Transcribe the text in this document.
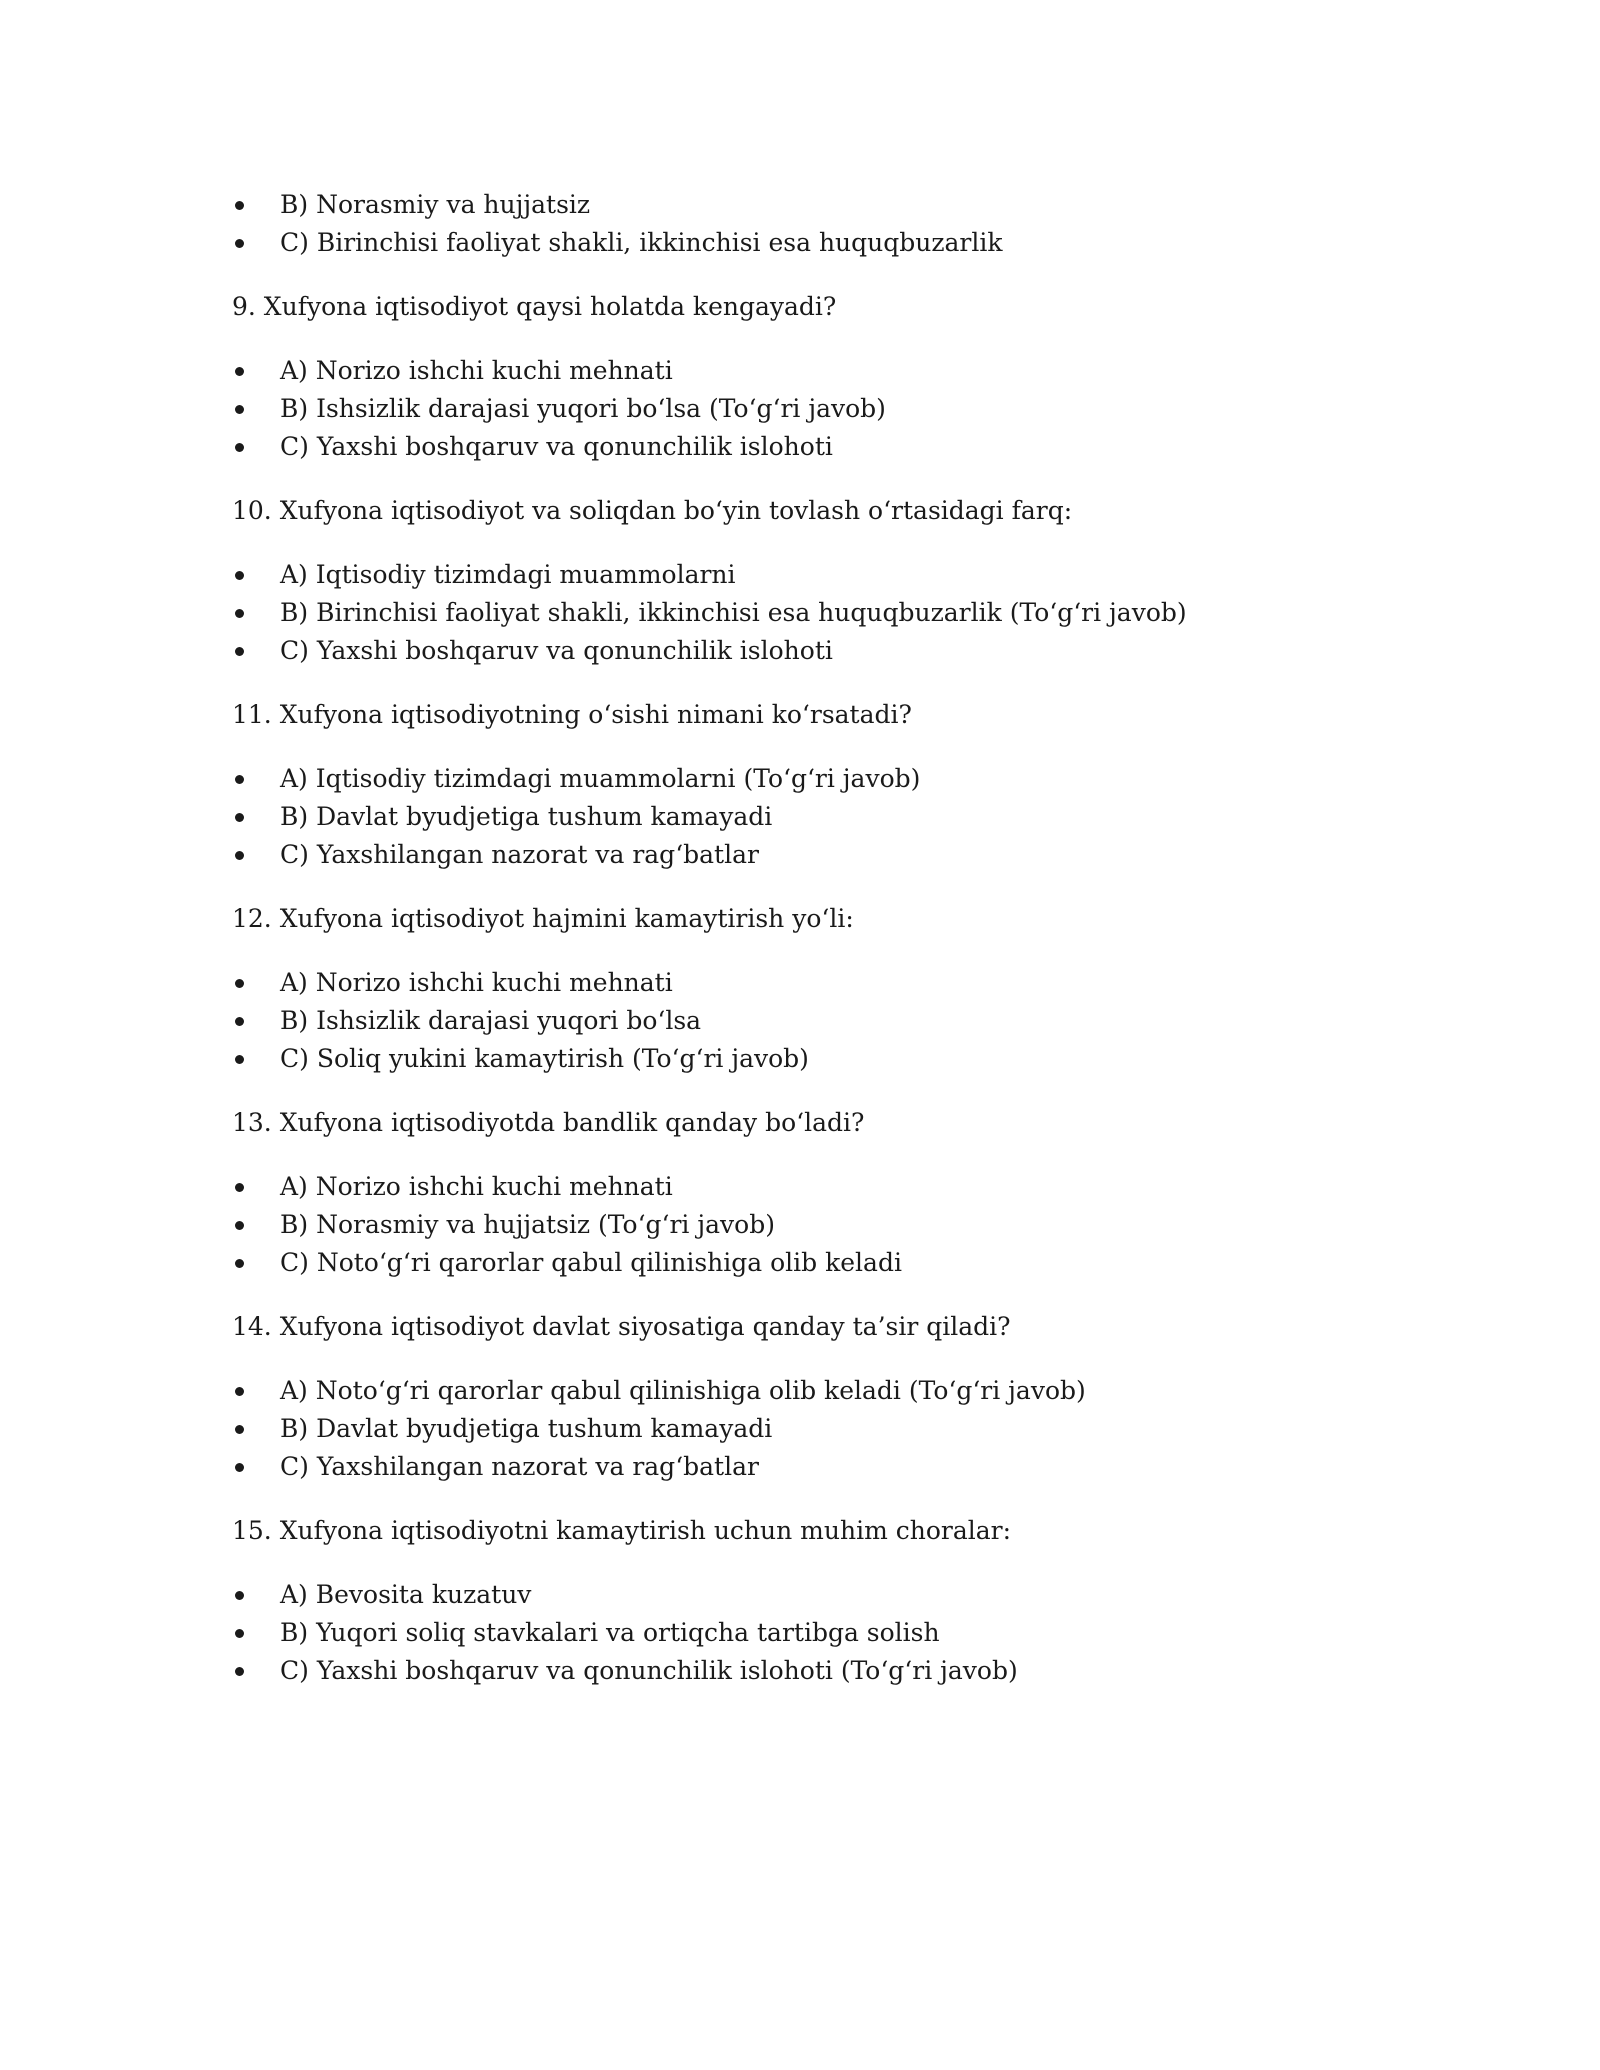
B) Norasmiy va hujjatsiz
C) Birinchisi faoliyat shakli, ikkinchisi esa huquqbuzarlik
9. Xufyona iqtisodiyot qaysi holatda kengayadi?
A) Norizo ishchi kuchi mehnati
B) Ishsizlik darajasi yuqori bo‘lsa (To‘g‘ri javob)
C) Yaxshi boshqaruv va qonunchilik islohoti
10. Xufyona iqtisodiyot va soliqdan bo‘yin tovlash o‘rtasidagi farq:
A) Iqtisodiy tizimdagi muammolarni
B) Birinchisi faoliyat shakli, ikkinchisi esa huquqbuzarlik (To‘g‘ri javob)
C) Yaxshi boshqaruv va qonunchilik islohoti
11. Xufyona iqtisodiyotning o‘sishi nimani ko‘rsatadi?
A) Iqtisodiy tizimdagi muammolarni (To‘g‘ri javob)
B) Davlat byudjetiga tushum kamayadi
C) Yaxshilangan nazorat va rag‘batlar
12. Xufyona iqtisodiyot hajmini kamaytirish yo‘li:
A) Norizo ishchi kuchi mehnati
B) Ishsizlik darajasi yuqori bo‘lsa
C) Soliq yukini kamaytirish (To‘g‘ri javob)
13. Xufyona iqtisodiyotda bandlik qanday bo‘ladi?
A) Norizo ishchi kuchi mehnati
B) Norasmiy va hujjatsiz (To‘g‘ri javob)
C) Noto‘g‘ri qarorlar qabul qilinishiga olib keladi
14. Xufyona iqtisodiyot davlat siyosatiga qanday ta’sir qiladi?
A) Noto‘g‘ri qarorlar qabul qilinishiga olib keladi (To‘g‘ri javob)
B) Davlat byudjetiga tushum kamayadi
C) Yaxshilangan nazorat va rag‘batlar
15. Xufyona iqtisodiyotni kamaytirish uchun muhim choralar:
A) Bevosita kuzatuv
B) Yuqori soliq stavkalari va ortiqcha tartibga solish
C) Yaxshi boshqaruv va qonunchilik islohoti (To‘g‘ri javob)
